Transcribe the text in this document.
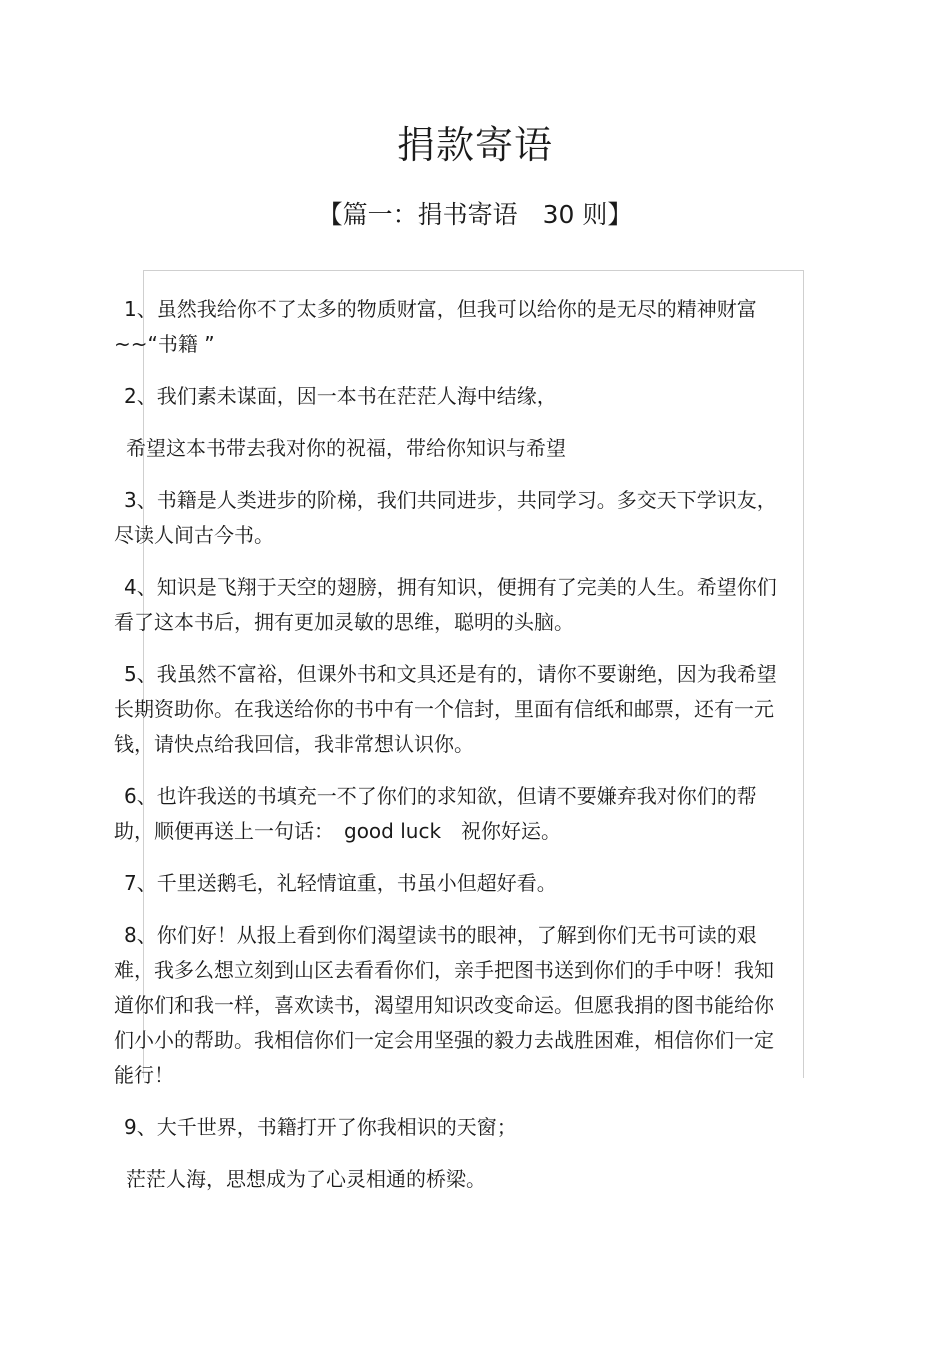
捐款寄语
【篇一：捐书寄语　30 则】

1、虽然我给你不了太多的物质财富，但我可以给你的是无尽的精神财富 ~~“书籍 ”

2、我们素未谋面，因一本书在茫茫人海中结缘，

希望这本书带去我对你的祝福，带给你知识与希望

3、书籍是人类进步的阶梯，我们共同进步，共同学习。多交天下学识友，尽读人间古今书。

4、知识是飞翔于天空的翅膀，拥有知识，便拥有了完美的人生。希望你们看了这本书后，拥有更加灵敏的思维，聪明的头脑。

5、我虽然不富裕，但课外书和文具还是有的，请你不要谢绝，因为我希望长期资助你。在我送给你的书中有一个信封，里面有信纸和邮票，还有一元钱，请快点给我回信，我非常想认识你。

6、也许我送的书填充一不了你们的求知欲，但请不要嫌弃我对你们的帮助，顺便再送上一句话：　good luck　祝你好运。

7、千里送鹅毛，礼轻情谊重，书虽小但超好看。

8、你们好！从报上看到你们渴望读书的眼神，了解到你们无书可读的艰难，我多么想立刻到山区去看看你们，亲手把图书送到你们的手中呀！我知道你们和我一样，喜欢读书，渴望用知识改变命运。但愿我捐的图书能给你们小小的帮助。我相信你们一定会用坚强的毅力去战胜困难，相信你们一定能行！

9、大千世界，书籍打开了你我相识的天窗；

茫茫人海，思想成为了心灵相通的桥梁。
